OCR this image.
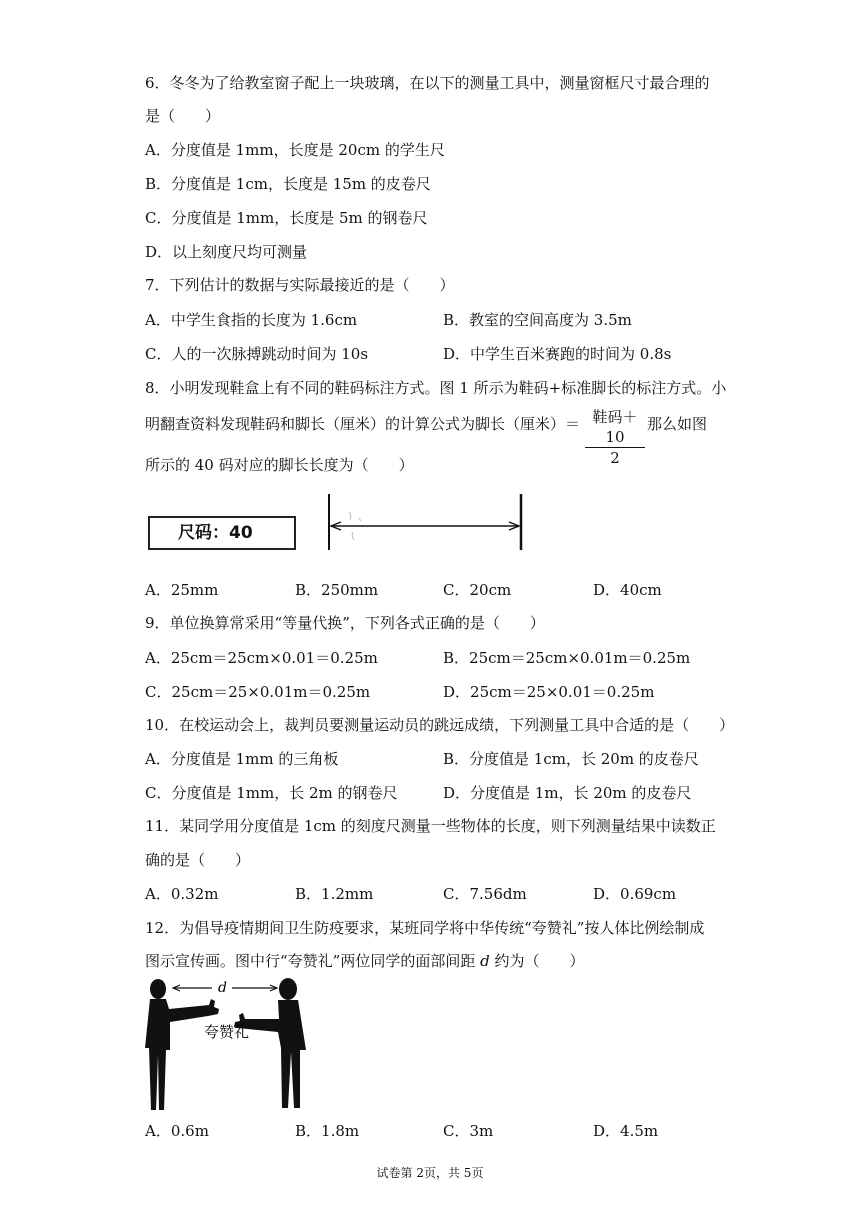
6．冬冬为了给教室窗子配上一块玻璃，在以下的测量工具中，测量窗框尺寸最合理的
是（　　）
A．分度值是 1mm，长度是 20cm 的学生尺
B．分度值是 1cm，长度是 15m 的皮卷尺
C．分度值是 1mm，长度是 5m 的钢卷尺
D．以上刻度尺均可测量
7．下列估计的数据与实际最接近的是（　　）
A．中学生食指的长度为 1.6cm	B．教室的空间高度为 3.5m
C．人的一次脉搏跳动时间为 10s	D．中学生百米赛跑的时间为 0.8s
8．小明发现鞋盒上有不同的鞋码标注方式。图 1 所示为鞋码+标准脚长的标注方式。小
明翻查资料发现鞋码和脚长（厘米）的计算公式为脚长（厘米）＝ 鞋码＋10
2
那么如图
所示的 40 码对应的脚长长度为（　　）
尺码：40
A．25mm	B．250mm	C．20cm	D．40cm
9．单位换算常采用“等量代换”，下列各式正确的是（　　）
A．25cm＝25cm×0.01＝0.25m	B．25cm＝25cm×0.01m＝0.25m
C．25cm＝25×0.01m＝0.25m	D．25cm＝25×0.01＝0.25m
10．在校运动会上，裁判员要测量运动员的跳远成绩，下列测量工具中合适的是（　　）
A．分度值是 1mm 的三角板	B．分度值是 1cm，长 20m 的皮卷尺
C．分度值是 1mm，长 2m 的钢卷尺	D．分度值是 1m，长 20m 的皮卷尺
11．某同学用分度值是 1cm 的刻度尺测量一些物体的长度，则下列测量结果中读数正
确的是（　　）
A．0.32m	B．1.2mm	C．7.56dm	D．0.69cm
12．为倡导疫情期间卫生防疫要求，某班同学将中华传统“夸赞礼”按人体比例绘制成
图示宣传画。图中行“夸赞礼”两位同学的面部间距 d 约为（　　）
d
夸赞礼
A．0.6m	B．1.8m	C．3m	D．4.5m
试卷第 2页，共 5页
